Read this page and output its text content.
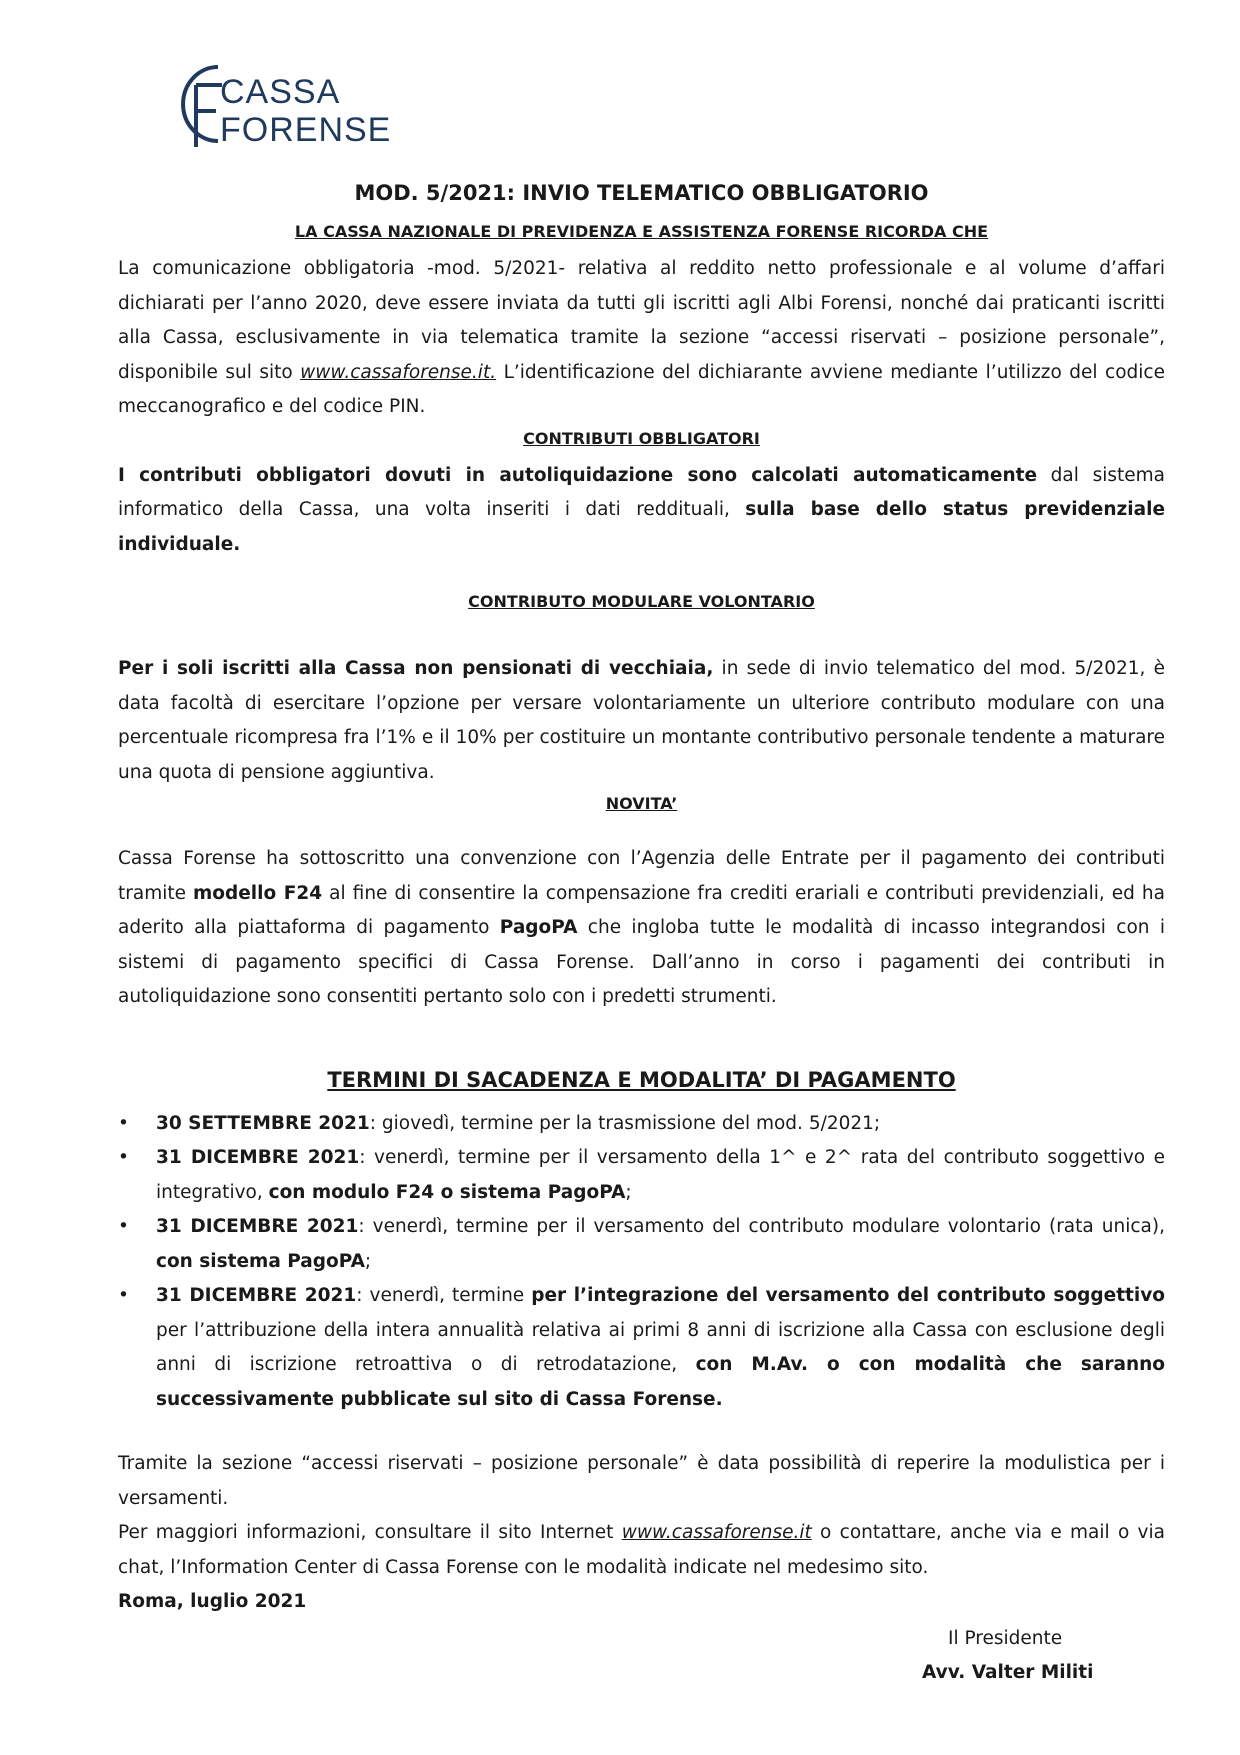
CASSA
FORENSE
MOD. 5/2021: INVIO TELEMATICO OBBLIGATORIO
LA CASSA NAZIONALE DI PREVIDENZA E ASSISTENZA FORENSE RICORDA CHE

La comunicazione obbligatoria -mod. 5/2021- relativa al reddito netto professionale e al volume d’affari dichiarati per l’anno 2020, deve essere inviata da tutti gli iscritti agli Albi Forensi, nonché dai praticanti iscritti alla Cassa, esclusivamente in via telematica tramite la sezione “accessi riservati – posizione personale”, disponibile sul sito www.cassaforense.it. L’identificazione del dichiarante avviene mediante l’utilizzo del codice meccanografico e del codice PIN.

CONTRIBUTI OBBLIGATORI

I contributi obbligatori dovuti in autoliquidazione sono calcolati automaticamente dal sistema informatico della Cassa, una volta inseriti i dati reddituali, sulla base dello status previdenziale individuale.

CONTRIBUTO MODULARE VOLONTARIO

Per i soli iscritti alla Cassa non pensionati di vecchiaia, in sede di invio telematico del mod. 5/2021, è data facoltà di esercitare l’opzione per versare volontariamente un ulteriore contributo modulare con una percentuale ricompresa fra l’1% e il 10% per costituire un montante contributivo personale tendente a maturare una quota di pensione aggiuntiva.

NOVITA’

Cassa Forense ha sottoscritto una convenzione con l’Agenzia delle Entrate per il pagamento dei contributi tramite modello F24 al fine di consentire la compensazione fra crediti erariali e contributi previdenziali, ed ha aderito alla piattaforma di pagamento PagoPA che ingloba tutte le modalità di incasso integrandosi con i sistemi di pagamento specifici di Cassa Forense. Dall’anno in corso i pagamenti dei contributi in autoliquidazione sono consentiti pertanto solo con i predetti strumenti.

TERMINI DI SACADENZA E MODALITA’ DI PAGAMENTO
• 30 SETTEMBRE 2021: giovedì, termine per la trasmissione del mod. 5/2021;
• 31 DICEMBRE 2021: venerdì, termine per il versamento della 1^ e 2^ rata del contributo soggettivo e integrativo, con modulo F24 o sistema PagoPA;
• 31 DICEMBRE 2021: venerdì, termine per il versamento del contributo modulare volontario (rata unica), con sistema PagoPA;
• 31 DICEMBRE 2021: venerdì, termine per l’integrazione del versamento del contributo soggettivo per l’attribuzione della intera annualità relativa ai primi 8 anni di iscrizione alla Cassa con esclusione degli anni di iscrizione retroattiva o di retrodatazione, con M.Av. o con modalità che saranno successivamente pubblicate sul sito di Cassa Forense.

Tramite la sezione “accessi riservati – posizione personale” è data possibilità di reperire la modulistica per i versamenti.

Per maggiori informazioni, consultare il sito Internet www.cassaforense.it o contattare, anche via e mail o via chat, l’Information Center di Cassa Forense con le modalità indicate nel medesimo sito.

Roma, luglio 2021

Il Presidente
Avv. Valter Militi
